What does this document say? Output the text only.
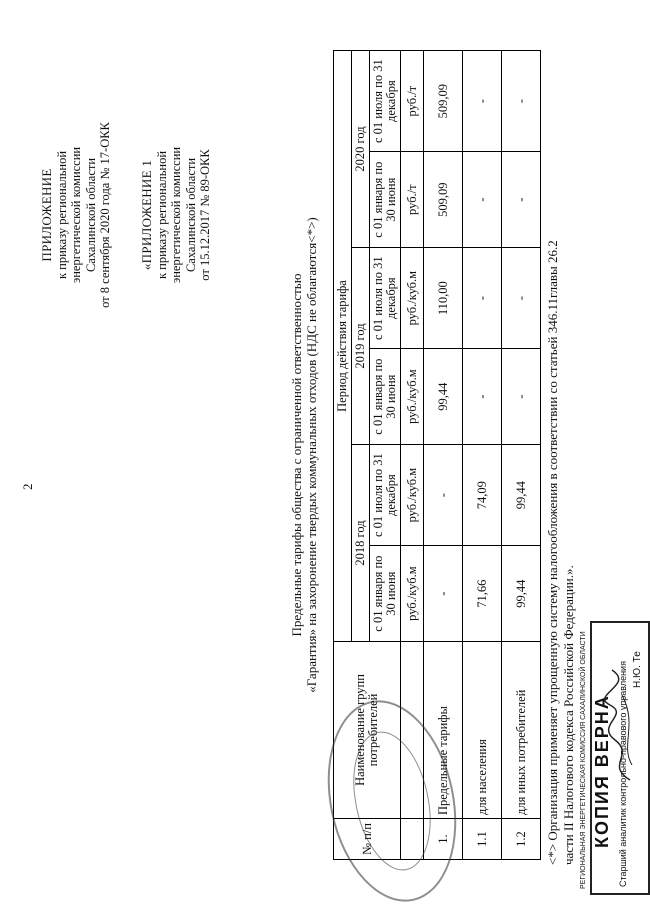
2
ПРИЛОЖЕНИЕ к приказу региональной энергетической комиссии Сахалинской области от 8 сентября 2020 года № 17-ОКК «ПРИЛОЖЕНИЕ 1 к приказу региональной энергетической комиссии Сахалинской области от 15.12.2017 № 89-ОКК
Предельные тарифы общества с ограниченной ответственностью «Гарантия» на захоронение твердых коммунальных отходов (НДС не облагаются<*>)
№ п/п	Наименование групп потребителей	Период действия тарифа					
		2018 год		2019 год		2020 год	
		с 01 января по 30 июня	с 01 июля по 31 декабря	с 01 января по 30 июня	с 01 июля по 31 декабря	с 01 января по 30 июня	с 01 июля по 31 декабря
		руб./куб.м	руб./куб.м	руб./куб.м	руб./куб.м	руб./т	руб./т
1.	Предельные тарифы	-	-	99,44	110,00	509,09	509,09
1.1	для населения	71,66	74,09	-	-	-	-
1.2	для иных потребителей	99,44	99,44	-	-	-	-
<*> Организация применяет упрощенную систему налогообложения в соответствии со статьей 346.11главы 26.2 части II Налогового кодекса Российской Федерации.». РЕГИОНАЛЬНАЯ ЭНЕРГЕТИЧЕСКАЯ КОМИССИЯ САХАЛИНСКОЙ ОБЛАСТИ КОПИЯ ВЕРНА Старший аналитик контрольно-правового управления Н.Ю. Те
